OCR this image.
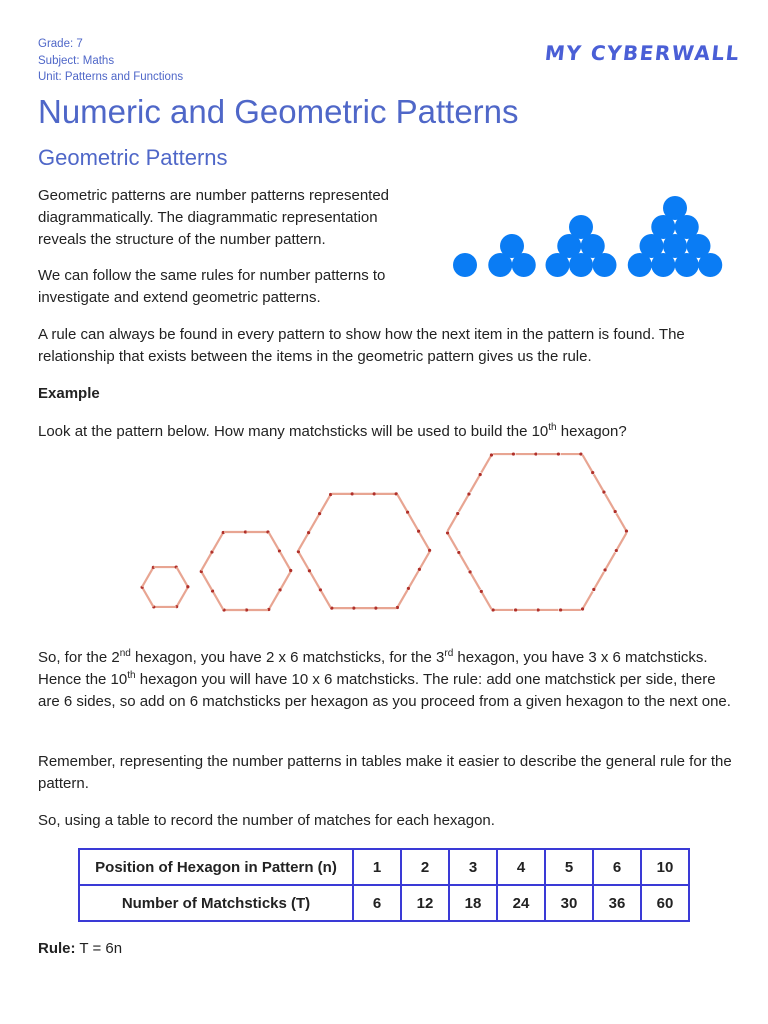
Grade: 7
Subject: Maths
Unit: Patterns and Functions
MY CYBERWALL
Numeric and Geometric Patterns
Geometric Patterns

Geometric patterns are number patterns represented diagrammatically. The diagrammatic representation reveals the structure of the number pattern.

We can follow the same rules for number patterns to investigate and extend geometric patterns.

A rule can always be found in every pattern to show how the next item in the pattern is found. The relationship that exists between the items in the geometric pattern gives us the rule.

Example

Look at the pattern below. How many matchsticks will be used to build the 10th hexagon?

So, for the 2nd hexagon, you have 2 x 6 matchsticks, for the 3rd hexagon, you have 3 x 6 matchsticks. Hence the 10th hexagon you will have 10 x 6 matchsticks. The rule: add one matchstick per side, there are 6 sides, so add on 6 matchsticks per hexagon as you proceed from a given hexagon to the next one.

Remember, representing the number patterns in tables make it easier to describe the general rule for the pattern.

So, using a table to record the number of matches for each hexagon.

Position of Hexagon in Pattern (n)	1	2	3	4	5	6	10
Number of Matchsticks (T)	6	12	18	24	30	36	60

Rule: T = 6n
